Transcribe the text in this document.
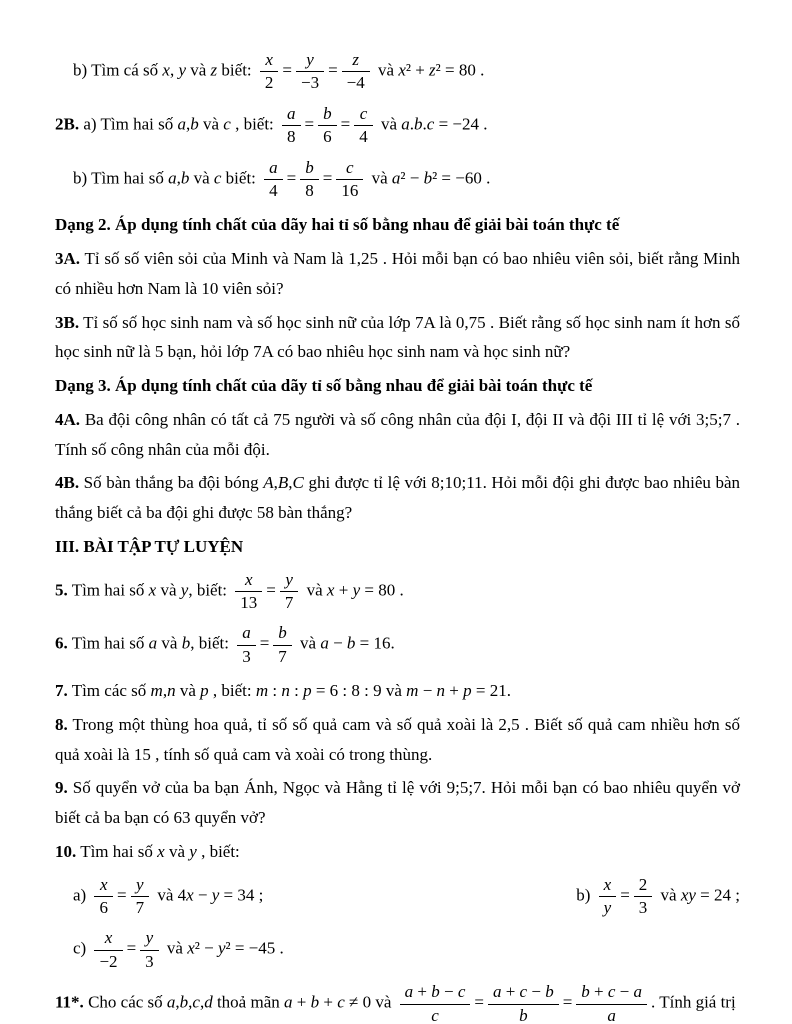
b) Tìm cá số x, y và z biết: $\frac{x}{2} = \frac{y}{-3} = \frac{z}{-4}$ và x² + z² = 80 .

2B. a) Tìm hai số a,b và c , biết: $\frac{a}{8} = \frac{b}{6} = \frac{c}{4}$ và a.b.c = −24 .

b) Tìm hai số a,b và c biết: $\frac{a}{4} = \frac{b}{8} = \frac{c}{16}$ và a² − b² = −60 .

Dạng 2. Áp dụng tính chất của dãy hai tỉ số bằng nhau để giải bài toán thực tế

3A. Tỉ số số viên sỏi của Minh và Nam là 1,25 . Hỏi mỗi bạn có bao nhiêu viên sỏi, biết rằng Minh có nhiều hơn Nam là 10 viên sỏi?

3B. Tỉ số số học sinh nam và số học sinh nữ của lớp 7A là 0,75 . Biết rằng số học sinh nam ít hơn số học sinh nữ là 5 bạn, hỏi lớp 7A có bao nhiêu học sinh nam và học sinh nữ?

Dạng 3. Áp dụng tính chất của dãy tỉ số bằng nhau để giải bài toán thực tế

4A. Ba đội công nhân có tất cả 75 người và số công nhân của đội I, đội II và đội III tỉ lệ với 3;5;7 . Tính số công nhân của mỗi đội.

4B. Số bàn thắng ba đội bóng A,B,C ghi được tỉ lệ với 8;10;11. Hỏi mỗi đội ghi được bao nhiêu bàn thắng biết cả ba đội ghi được 58 bàn thắng?

III. BÀI TẬP TỰ LUYỆN

5. Tìm hai số x và y, biết: $\frac{x}{13} = \frac{y}{7}$ và x + y = 80 .

6. Tìm hai số a và b, biết: $\frac{a}{3} = \frac{b}{7}$ và a − b = 16.

7. Tìm các số m,n và p , biết: m : n : p = 6 : 8 : 9 và m − n + p = 21.

8. Trong một thùng hoa quả, tỉ số số quả cam và số quả xoài là 2,5 . Biết số quả cam nhiều hơn số quả xoài là 15 , tính số quả cam và xoài có trong thùng.

9. Số quyển vở của ba bạn Ánh, Ngọc và Hằng tỉ lệ với 9;5;7. Hỏi mỗi bạn có bao nhiêu quyển vở biết cả ba bạn có 63 quyển vở?

10. Tìm hai số x và y , biết:

$a) \frac{x}{6} = \frac{y}{7}$ và 4x − y = 34 ;	$b) \frac{x}{y} = \frac{2}{3}$ và xy = 24 ;

$c) \frac{x}{-2} = \frac{y}{3}$ và x² − y² = −45 .

11*. Cho các số a,b,c,d thoả mãn a + b + c ≠ 0 và $\frac{a + b - c}{c} = \frac{a + c - b}{b} = \frac{b + c - a}{a}$ . Tính giá trị
